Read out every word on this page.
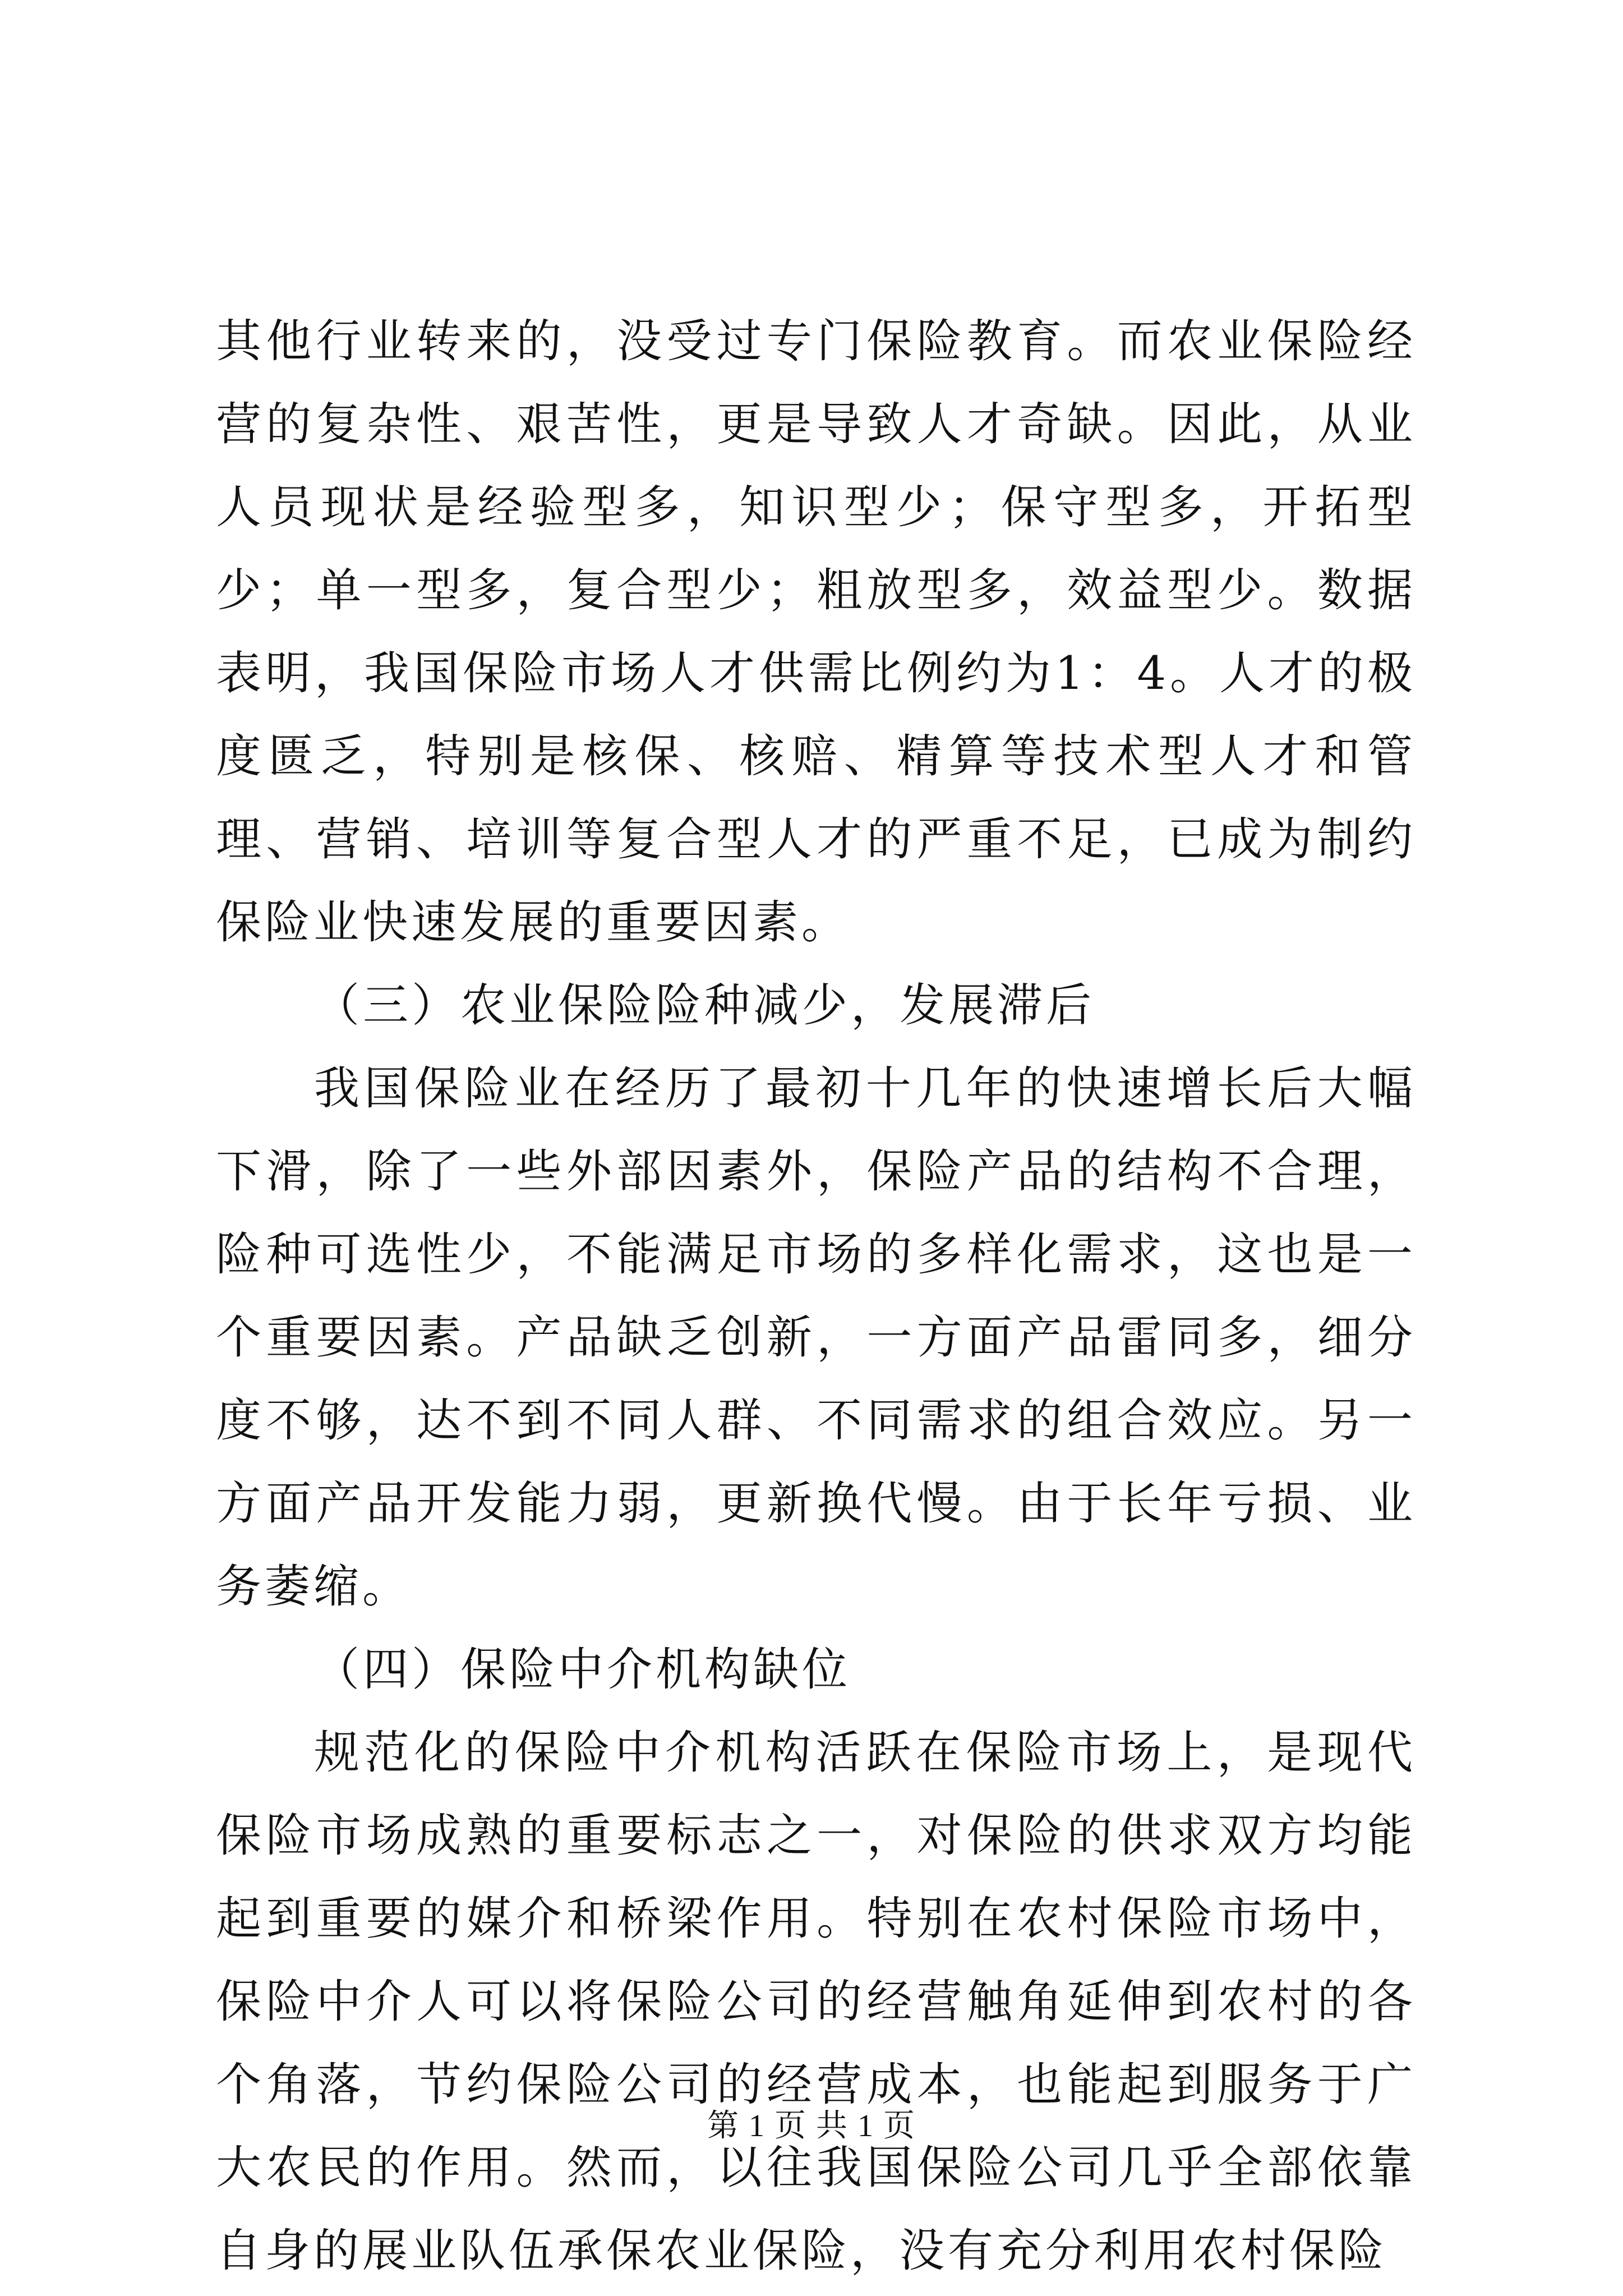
其他行业转来的，没受过专门保险教育。而农业保险经营的复杂性、艰苦性，更是导致人才奇缺。因此，从业人员现状是经验型多，知识型少；保守型多，开拓型少；单一型多，复合型少；粗放型多，效益型少。数据表明，我国保险市场人才供需比例约为1：4。人才的极度匮乏，特别是核保、核赔、精算等技术型人才和管理、营销、培训等复合型人才的严重不足，已成为制约保险业快速发展的重要因素。

（三）农业保险险种减少，发展滞后

我国保险业在经历了最初十几年的快速增长后大幅下滑，除了一些外部因素外，保险产品的结构不合理，险种可选性少，不能满足市场的多样化需求，这也是一个重要因素。产品缺乏创新，一方面产品雷同多，细分度不够，达不到不同人群、不同需求的组合效应。另一方面产品开发能力弱，更新换代慢。由于长年亏损、业务萎缩。

（四）保险中介机构缺位

规范化的保险中介机构活跃在保险市场上，是现代保险市场成熟的重要标志之一，对保险的供求双方均能起到重要的媒介和桥梁作用。特别在农村保险市场中，保险中介人可以将保险公司的经营触角延伸到农村的各个角落，节约保险公司的经营成本，也能起到服务于广大农民的作用。然而，以往我国保险公司几乎全部依靠自身的展业队伍承保农业保险，没有充分利用农村保险

第 1 页 共 1 页
